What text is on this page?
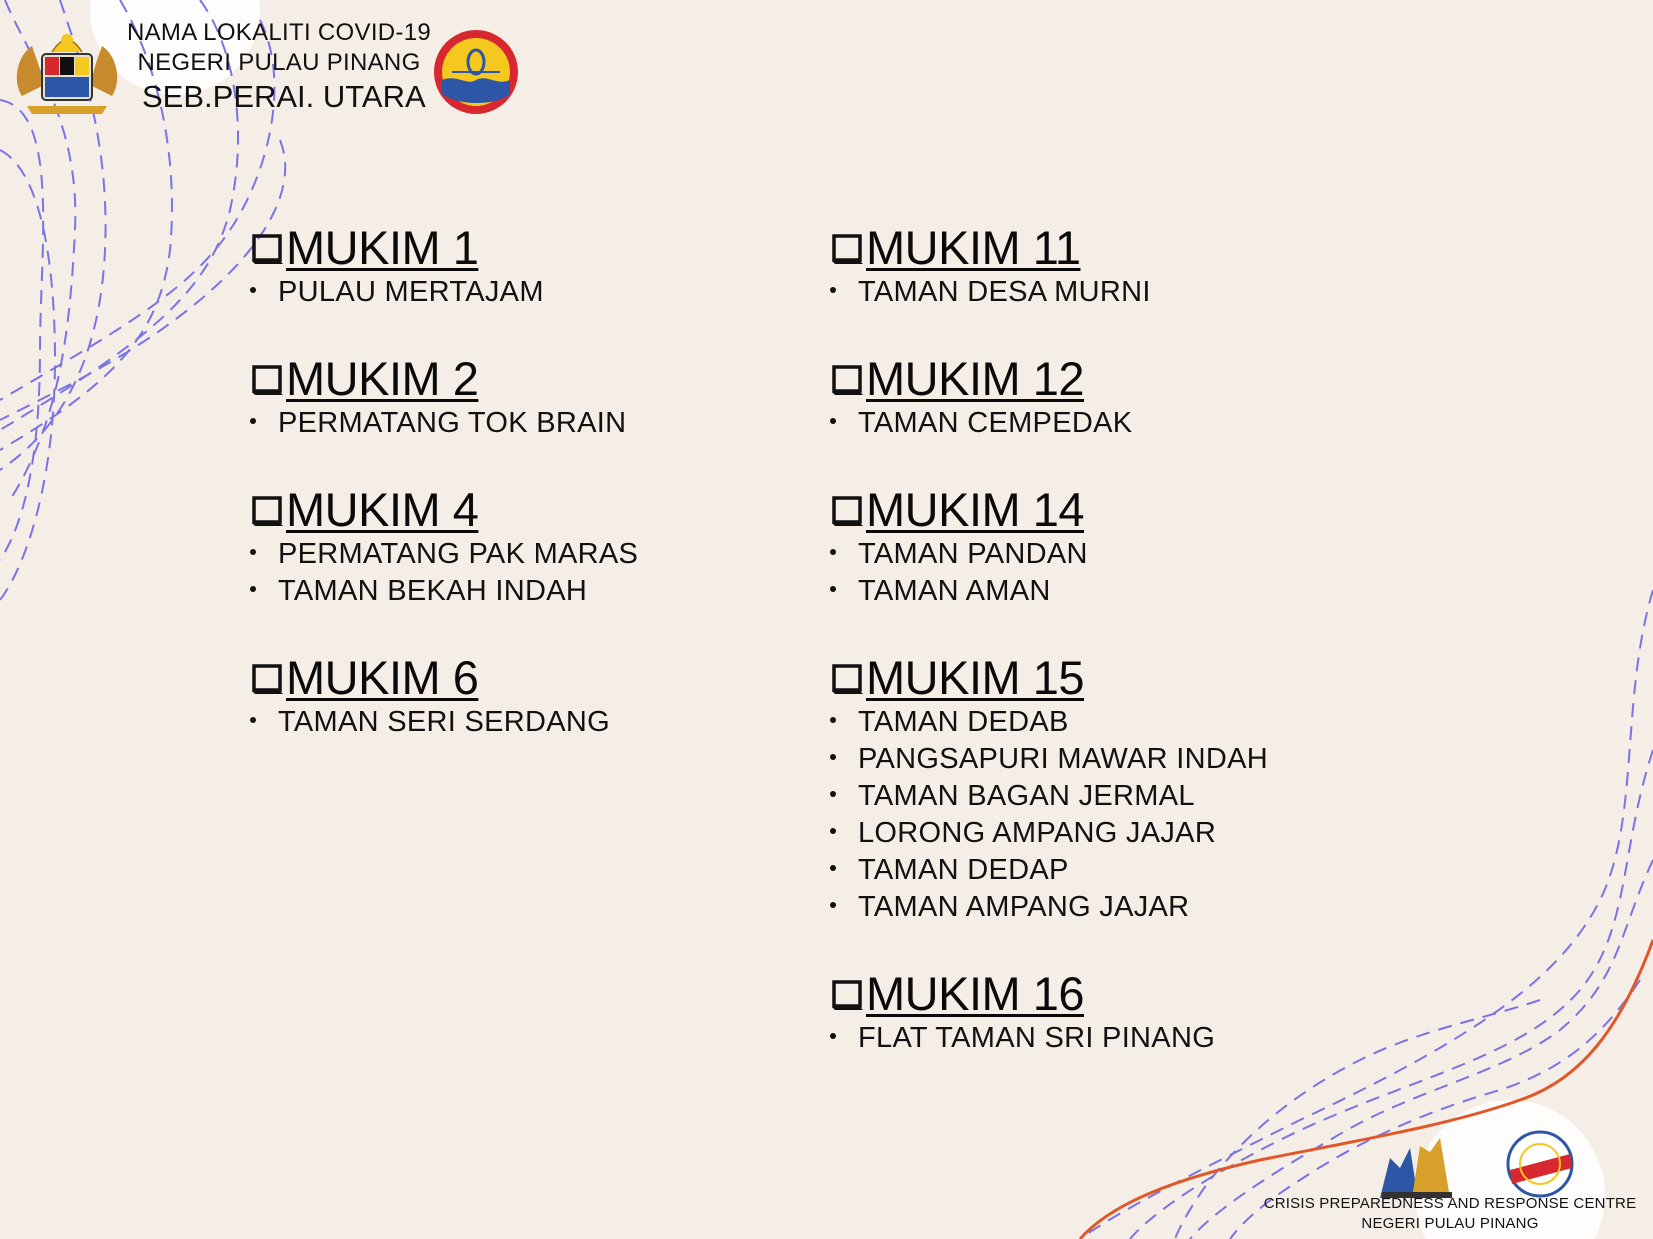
NAMA LOKALITI COVID-19
NEGERI PULAU PINANG
SEB.PERAI. UTARA
MUKIM 1
PULAU MERTAJAM
MUKIM 2
PERMATANG TOK BRAIN
MUKIM 4
PERMATANG PAK MARAS
TAMAN BEKAH INDAH
MUKIM 6
TAMAN SERI SERDANG
MUKIM 11
TAMAN DESA MURNI
MUKIM 12
TAMAN CEMPEDAK
MUKIM 14
TAMAN PANDAN
TAMAN AMAN
MUKIM 15
TAMAN DEDAB
PANGSAPURI MAWAR INDAH
TAMAN BAGAN JERMAL
LORONG AMPANG JAJAR
TAMAN DEDAP
TAMAN AMPANG JAJAR
MUKIM 16
FLAT TAMAN SRI PINANG
CRISIS PREPAREDNESS AND RESPONSE CENTRE
NEGERI PULAU PINANG
